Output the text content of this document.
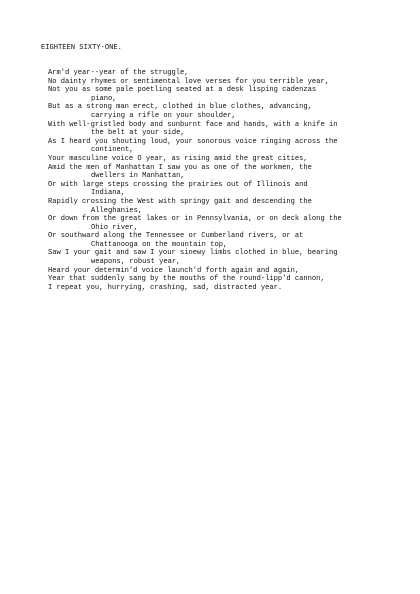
EIGHTEEN SIXTY-ONE.
Arm'd year--year of the struggle,
No dainty rhymes or sentimental love verses for you terrible year,
Not you as some pale poetling seated at a desk lisping cadenzas
piano,
But as a strong man erect, clothed in blue clothes, advancing,
carrying a rifle on your shoulder,
With well-gristled body and sunburnt face and hands, with a knife in
the belt at your side,
As I heard you shouting loud, your sonorous voice ringing across the
continent,
Your masculine voice O year, as rising amid the great cities,
Amid the men of Manhattan I saw you as one of the workmen, the
dwellers in Manhattan,
Or with large steps crossing the prairies out of Illinois and
Indiana,
Rapidly crossing the West with springy gait and descending the
Alleghanies,
Or down from the great lakes or in Pennsylvania, or on deck along the
Ohio river,
Or southward along the Tennessee or Cumberland rivers, or at
Chattanooga on the mountain top,
Saw I your gait and saw I your sinewy limbs clothed in blue, bearing
weapons, robust year,
Heard your determin'd voice launch'd forth again and again,
Year that suddenly sang by the mouths of the round-lipp'd cannon,
I repeat you, hurrying, crashing, sad, distracted year.
